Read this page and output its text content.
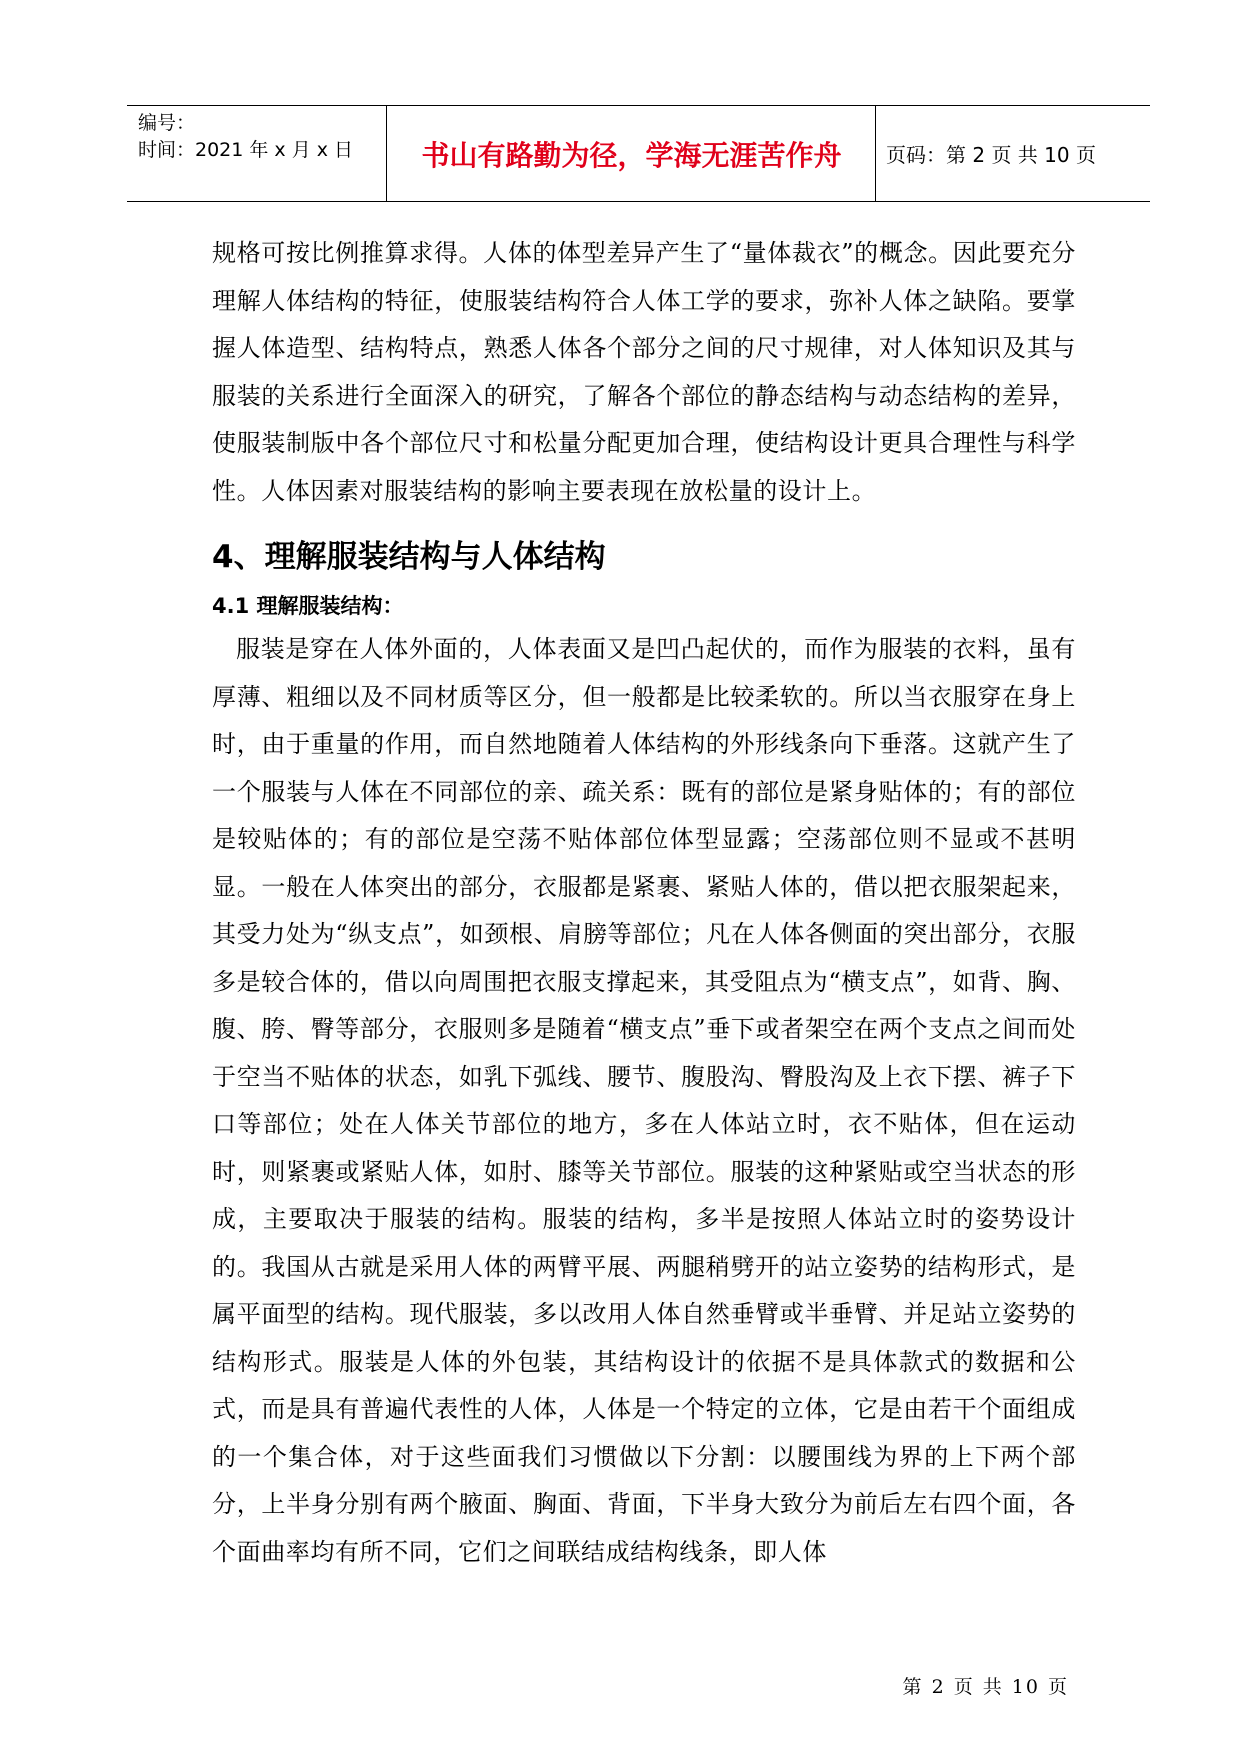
编号：
时间：2021 年 x 月 x 日	书山有路勤为径，学海无涯苦作舟	页码：第 2 页 共 10 页

规格可按比例推算求得。人体的体型差异产生了“量体裁衣”的概念。因此要充分理解人体结构的特征，使服装结构符合人体工学的要求，弥补人体之缺陷。要掌握人体造型、结构特点，熟悉人体各个部分之间的尺寸规律，对人体知识及其与服装的关系进行全面深入的研究，了解各个部位的静态结构与动态结构的差异，使服装制版中各个部位尺寸和松量分配更加合理，使结构设计更具合理性与科学性。人体因素对服装结构的影响主要表现在放松量的设计上。

4、理解服装结构与人体结构
4.1 理解服装结构：

服装是穿在人体外面的，人体表面又是凹凸起伏的，而作为服装的衣料，虽有厚薄、粗细以及不同材质等区分，但一般都是比较柔软的。所以当衣服穿在身上时，由于重量的作用，而自然地随着人体结构的外形线条向下垂落。这就产生了一个服装与人体在不同部位的亲、疏关系：既有的部位是紧身贴体的；有的部位是较贴体的；有的部位是空荡不贴体部位体型显露；空荡部位则不显或不甚明显。一般在人体突出的部分，衣服都是紧裹、紧贴人体的，借以把衣服架起来，其受力处为“纵支点”，如颈根、肩膀等部位；凡在人体各侧面的突出部分，衣服多是较合体的，借以向周围把衣服支撑起来，其受阻点为“横支点”，如背、胸、腹、胯、臀等部分，衣服则多是随着“横支点”垂下或者架空在两个支点之间而处于空当不贴体的状态，如乳下弧线、腰节、腹股沟、臀股沟及上衣下摆、裤子下口等部位；处在人体关节部位的地方，多在人体站立时，衣不贴体，但在运动时，则紧裹或紧贴人体，如肘、膝等关节部位。服装的这种紧贴或空当状态的形成，主要取决于服装的结构。服装的结构，多半是按照人体站立时的姿势设计的。我国从古就是采用人体的两臂平展、两腿稍劈开的站立姿势的结构形式，是属平面型的结构。现代服装，多以改用人体自然垂臂或半垂臂、并足站立姿势的结构形式。服装是人体的外包装，其结构设计的依据不是具体款式的数据和公式，而是具有普遍代表性的人体，人体是一个特定的立体，它是由若干个面组成的一个集合体，对于这些面我们习惯做以下分割：以腰围线为界的上下两个部分，上半身分别有两个腋面、胸面、背面，下半身大致分为前后左右四个面，各个面曲率均有所不同，它们之间联结成结构线条，即人体

第 2 页 共 10 页
